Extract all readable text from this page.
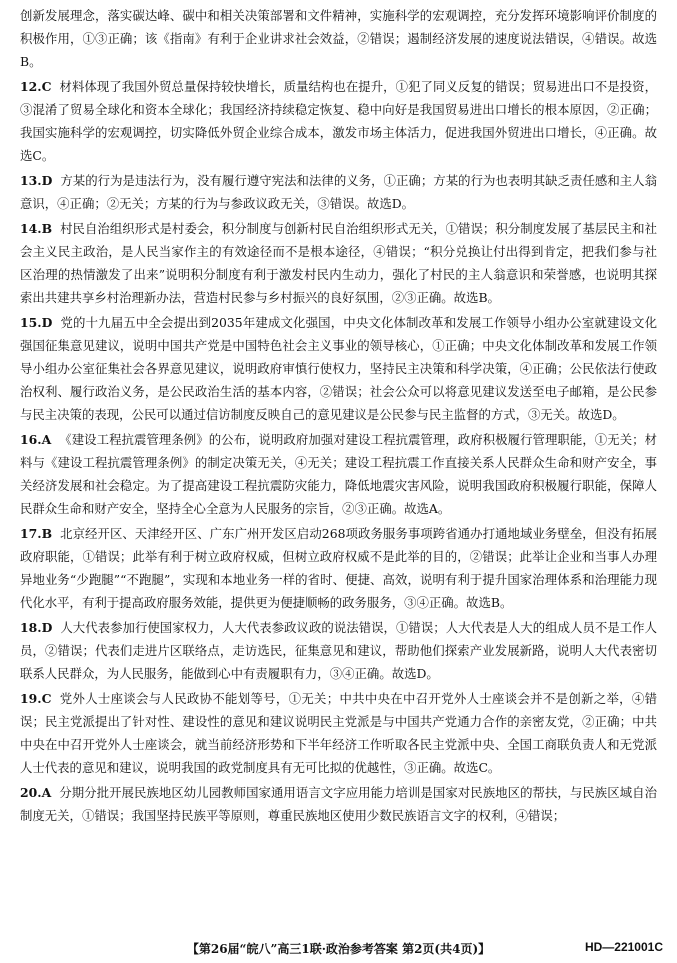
创新发展理念，落实碳达峰、碳中和相关决策部署和文件精神，实施科学的宏观调控，充分发挥环境影响评价制度的积极作用，①③正确；该《指南》有利于企业讲求社会效益，②错误；遏制经济发展的速度说法错误，④错误。故选B。

12.C 材料体现了我国外贸总量保持较快增长，质量结构也在提升，①犯了同义反复的错误；贸易进出口不是投资，③混淆了贸易全球化和资本全球化；我国经济持续稳定恢复、稳中向好是我国贸易进出口增长的根本原因，②正确；我国实施科学的宏观调控，切实降低外贸企业综合成本，激发市场主体活力，促进我国外贸进出口增长，④正确。故选C。

13.D 方某的行为是违法行为，没有履行遵守宪法和法律的义务，①正确；方某的行为也表明其缺乏责任感和主人翁意识，④正确；②无关；方某的行为与参政议政无关，③错误。故选D。

14.B 村民自治组织形式是村委会，积分制度与创新村民自治组织形式无关，①错误；积分制度发展了基层民主和社会主义民主政治，是人民当家作主的有效途径而不是根本途径，④错误；“积分兑换让付出得到肯定，把我们参与社区治理的热情激发了出来”说明积分制度有利于激发村民内生动力，强化了村民的主人翁意识和荣誉感，也说明其探索出共建共享乡村治理新办法，营造村民参与乡村振兴的良好氛围，②③正确。故选B。

15.D 党的十九届五中全会提出到2035年建成文化强国，中央文化体制改革和发展工作领导小组办公室就建设文化强国征集意见建议，说明中国共产党是中国特色社会主义事业的领导核心，①正确；中央文化体制改革和发展工作领导小组办公室征集社会各界意见建议，说明政府审慎行使权力，坚持民主决策和科学决策，④正确；公民依法行使政治权利、履行政治义务，是公民政治生活的基本内容，②错误；社会公众可以将意见建议发送至电子邮箱，是公民参与民主决策的表现，公民可以通过信访制度反映自己的意见建议是公民参与民主监督的方式，③无关。故选D。

16.A 《建设工程抗震管理条例》的公布，说明政府加强对建设工程抗震管理，政府积极履行管理职能，①无关；材料与《建设工程抗震管理条例》的制定决策无关，④无关；建设工程抗震工作直接关系人民群众生命和财产安全，事关经济发展和社会稳定。为了提高建设工程抗震防灾能力，降低地震灾害风险，说明我国政府积极履行职能，保障人民群众生命和财产安全，坚持全心全意为人民服务的宗旨，②③正确。故选A。

17.B 北京经开区、天津经开区、广东广州开发区启动268项政务服务事项跨省通办打通地域业务壁垒，但没有拓展政府职能，①错误；此举有利于树立政府权威，但树立政府权威不是此举的目的，②错误；此举让企业和当事人办理异地业务“少跑腿”“不跑腿”，实现和本地业务一样的省时、便捷、高效，说明有利于提升国家治理体系和治理能力现代化水平，有利于提高政府服务效能，提供更为便捷顺畅的政务服务，③④正确。故选B。

18.D 人大代表参加行使国家权力，人大代表参政议政的说法错误，①错误；人大代表是人大的组成人员不是工作人员，②错误；代表们走进片区联络点，走访选民，征集意见和建议，帮助他们探索产业发展新路，说明人大代表密切联系人民群众，为人民服务，能做到心中有责履职有力，③④正确。故选D。

19.C 党外人士座谈会与人民政协不能划等号，①无关；中共中央在中召开党外人士座谈会并不是创新之举，④错误；民主党派提出了针对性、建设性的意见和建议说明民主党派是与中国共产党通力合作的亲密友党，②正确；中共中央在中召开党外人士座谈会，就当前经济形势和下半年经济工作听取各民主党派中央、全国工商联负责人和无党派人士代表的意见和建议，说明我国的政党制度具有无可比拟的优越性，③正确。故选C。

20.A 分期分批开展民族地区幼儿园教师国家通用语言文字应用能力培训是国家对民族地区的帮扶，与民族区域自治制度无关，①错误；我国坚持民族平等原则，尊重民族地区使用少数民族语言文字的权利，④错误；

【第26届“皖八”高三1联·政治参考答案 第2页(共4页)】	HD—221001C
